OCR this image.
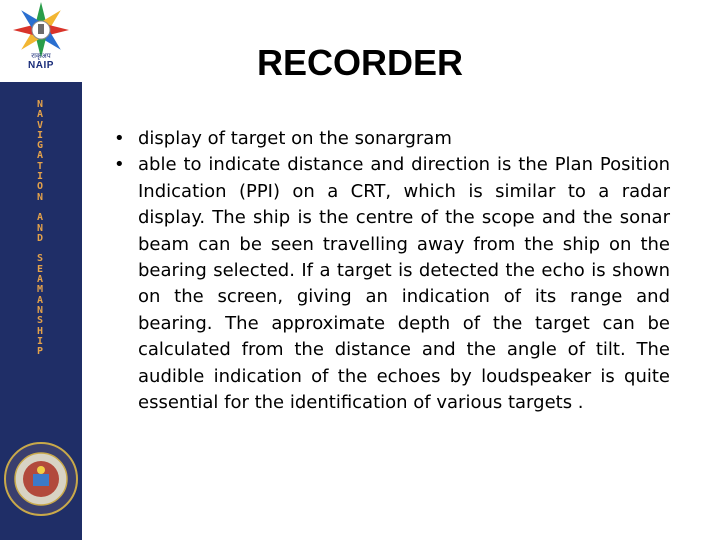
राकृअप
NAIP
N
A
V
I
G
A
T
I
O
N

A
N
D

S
E
A
M
A
N
S
H
I
P
RECORDER
• display of target on the sonargram
• able to indicate distance and direction is the Plan Position Indication (PPI) on a CRT, which is similar to a radar display. The ship is the centre of the scope and the sonar beam can be seen travelling away from the ship on the bearing selected. If a target is detected the echo is shown on the screen, giving an indication of its range and bearing. The approximate depth of the target can be calculated from the distance and the angle of tilt. The audible indication of the echoes by loudspeaker is quite essential for the identification of various targets .
